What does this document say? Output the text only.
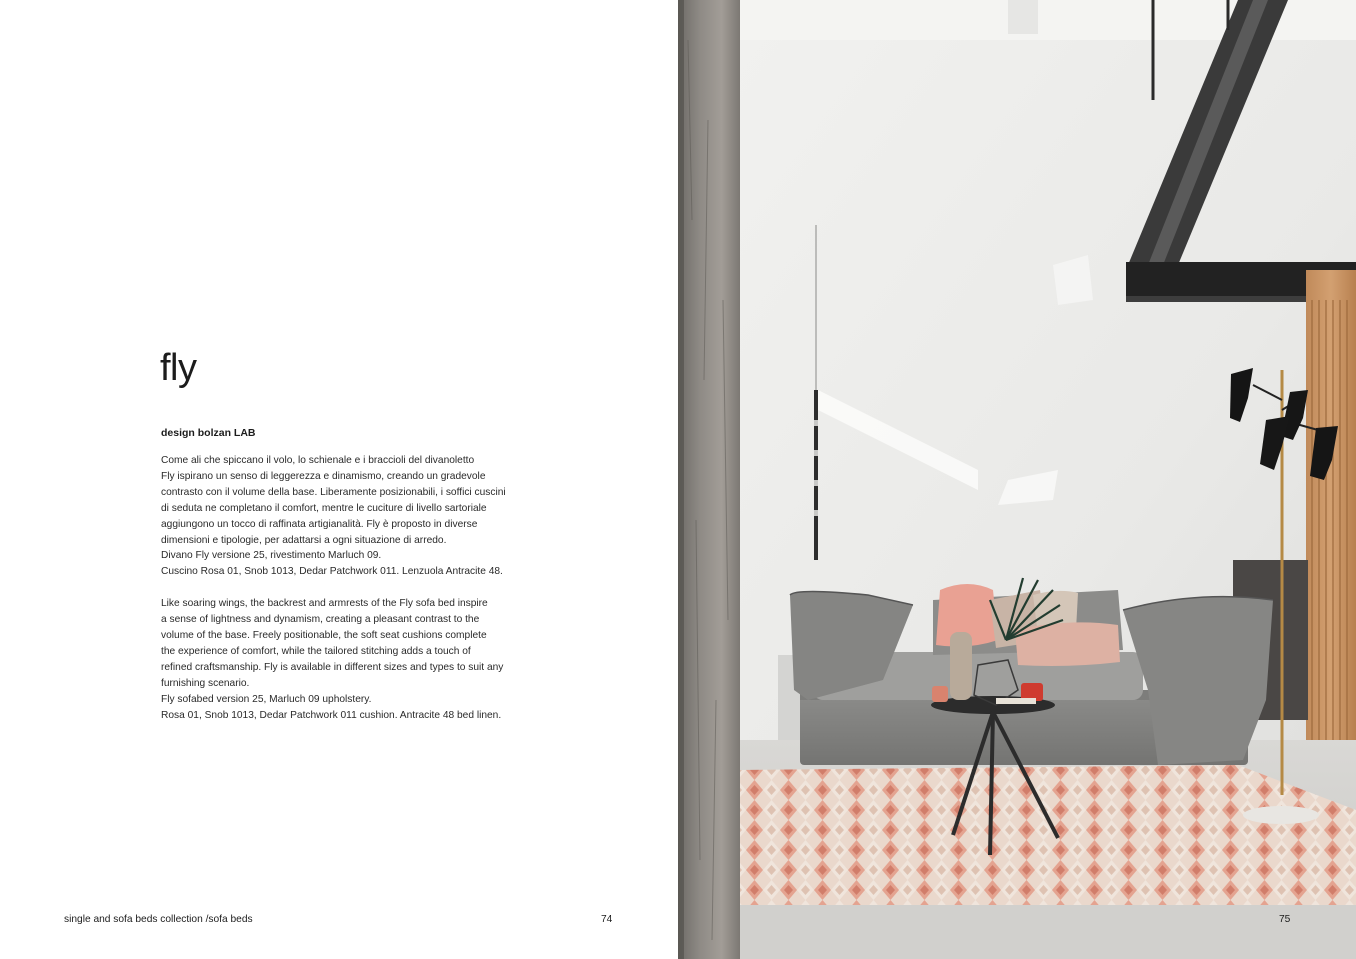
fly

design bolzan LAB

Come ali che spiccano il volo, lo schienale e i braccioli del divanoletto

Fly ispirano un senso di leggerezza e dinamismo, creando un gradevole

contrasto con il volume della base. Liberamente posizionabili, i soffici cuscini

di seduta ne completano il comfort, mentre le cuciture di livello sartoriale

aggiungono un tocco di raffinata artigianalità. Fly è proposto in diverse

dimensioni e tipologie, per adattarsi a ogni situazione di arredo.

Divano Fly versione 25, rivestimento Marluch 09.

Cuscino Rosa 01, Snob 1013, Dedar Patchwork 011. Lenzuola Antracite 48.

Like soaring wings, the backrest and armrests of the Fly sofa bed inspire

a sense of lightness and dynamism, creating a pleasant contrast to the

volume of the base. Freely positionable, the soft seat cushions complete

the experience of comfort, while the tailored stitching adds a touch of

refined craftsmanship. Fly is available in different sizes and types to suit any

furnishing scenario.

Fly sofabed version 25, Marluch 09 upholstery.

Rosa 01, Snob 1013, Dedar Patchwork 011 cushion. Antracite 48 bed linen.

single and sofa beds collection /sofa beds	74	75
